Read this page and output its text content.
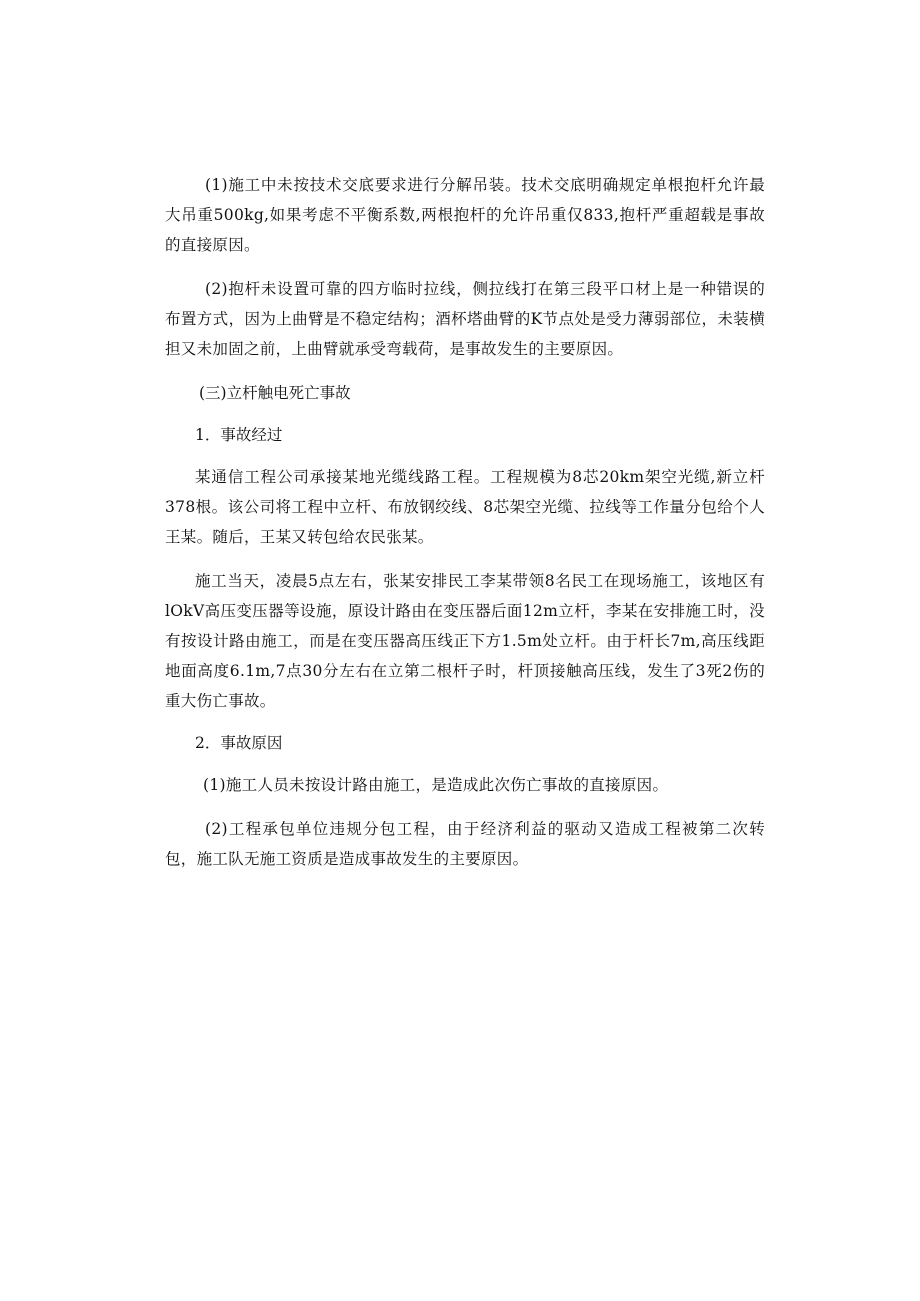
(1)施工中未按技术交底要求进行分解吊装。技术交底明确规定单根抱杆允许最大吊重500kg,如果考虑不平衡系数,两根抱杆的允许吊重仅833,抱杆严重超载是事故的直接原因。

(2)抱杆未设置可靠的四方临时拉线，侧拉线打在第三段平口材上是一种错误的布置方式，因为上曲臂是不稳定结构；酒杯塔曲臂的K节点处是受力薄弱部位，未装横担又未加固之前，上曲臂就承受弯载荷，是事故发生的主要原因。

(三)立杆触电死亡事故

1．事故经过

某通信工程公司承接某地光缆线路工程。工程规模为8芯20km架空光缆,新立杆378根。该公司将工程中立杆、布放钢绞线、8芯架空光缆、拉线等工作量分包给个人王某。随后，王某又转包给农民张某。

施工当天，凌晨5点左右，张某安排民工李某带领8名民工在现场施工，该地区有lOkV高压变压器等设施，原设计路由在变压器后面12m立杆，李某在安排施工时，没有按设计路由施工，而是在变压器高压线正下方1.5m处立杆。由于杆长7m,高压线距地面高度6.1m,7点30分左右在立第二根杆子时，杆顶接触高压线，发生了3死2伤的重大伤亡事故。

2．事故原因

(1)施工人员未按设计路由施工，是造成此次伤亡事故的直接原因。

(2)工程承包单位违规分包工程，由于经济利益的驱动又造成工程被第二次转包，施工队无施工资质是造成事故发生的主要原因。
